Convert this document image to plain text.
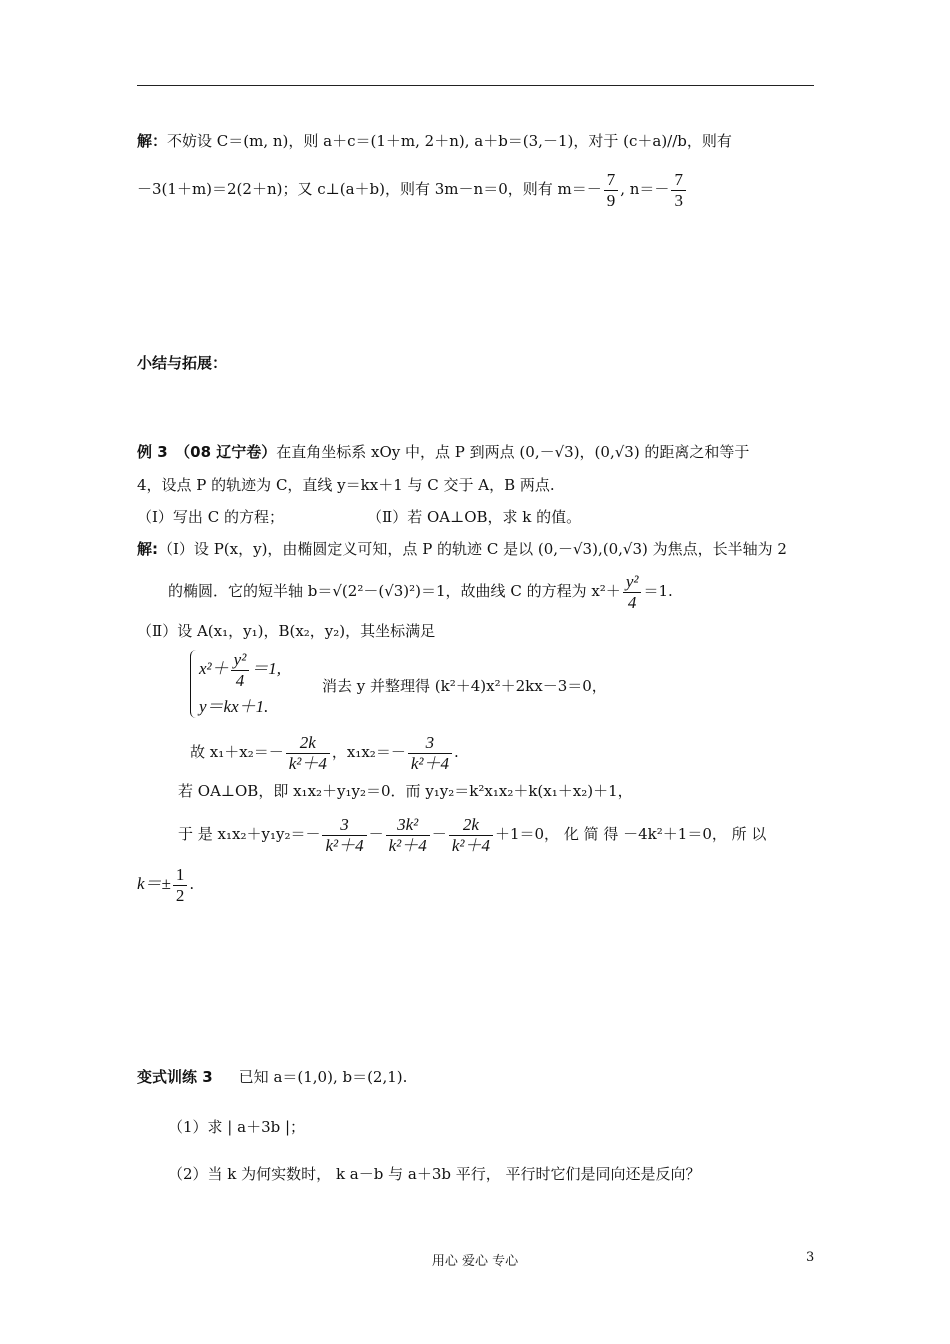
解：不妨设 C＝(m, n)，则 a＋c＝(1＋m, 2＋n), a＋b＝(3,－1)，对于 (c＋a)//b，则有
－3(1＋m)＝2(2＋n)；又 c⊥(a＋b)，则有 3m－n＝0，则有 $m=- \frac{7}{9}$ , $n=- \frac{7}{3}$
小结与拓展：
例 3　（08 辽宁卷）在直角坐标系 xOy 中，点 P 到两点 (0,－√3)，(0,√3) 的距离之和等于
4，设点 P 的轨迹为 C，直线 y＝kx＋1 与 C 交于 A，B 两点.
（Ⅰ）写出 C 的方程；	（Ⅱ）若 OA⊥OB，求 k 的值。
解:（Ⅰ）设 P(x，y)，由椭圆定义可知，点 P 的轨迹 C 是以 (0,－√3),(0,√3) 为焦点，长半轴为 2
的椭圆．它的短半轴 b＝√(2²－(√3)²)＝1，故曲线 C 的方程为 $x^2+ \frac{\text{y²}}{4} =1$.
（Ⅱ）设 A(x₁，y₁)，B(x₂，y₂)，其坐标满足
$x^2+ \frac{\text{y²}}{4} =1$,
y＝kx＋1.
消去 y 并整理得 (k²＋4)x²＋2kx－3＝0，
故 $x_1+x_2=- \frac{2k}{\text{k²＋4}}$ ，$x_1x_2=- \frac{3}{\text{k²＋4}}$ .
若 OA⊥OB，即 x₁x₂＋y₁y₂＝0．而 y₁y₂＝k²x₁x₂＋k(x₁＋x₂)＋1，
于 是 $x_1x_2+y_1y_2=- \frac{3}{\text{k²＋4}} - \frac{\text{3k²}}{\text{k²＋4}} - \frac{2k}{\text{k²＋4}} +1=0$， 化 简 得 －4k²＋1＝0， 所 以
$k=\pm \frac{1}{2}$ .
变式训练 3 已知 a＝(1,0), b＝(2,1).
（1）求 | a＋3b |；
（2）当 k 为何实数时， k a－b 与 a＋3b 平行， 平行时它们是同向还是反向？
用心 爱心 专心	3
